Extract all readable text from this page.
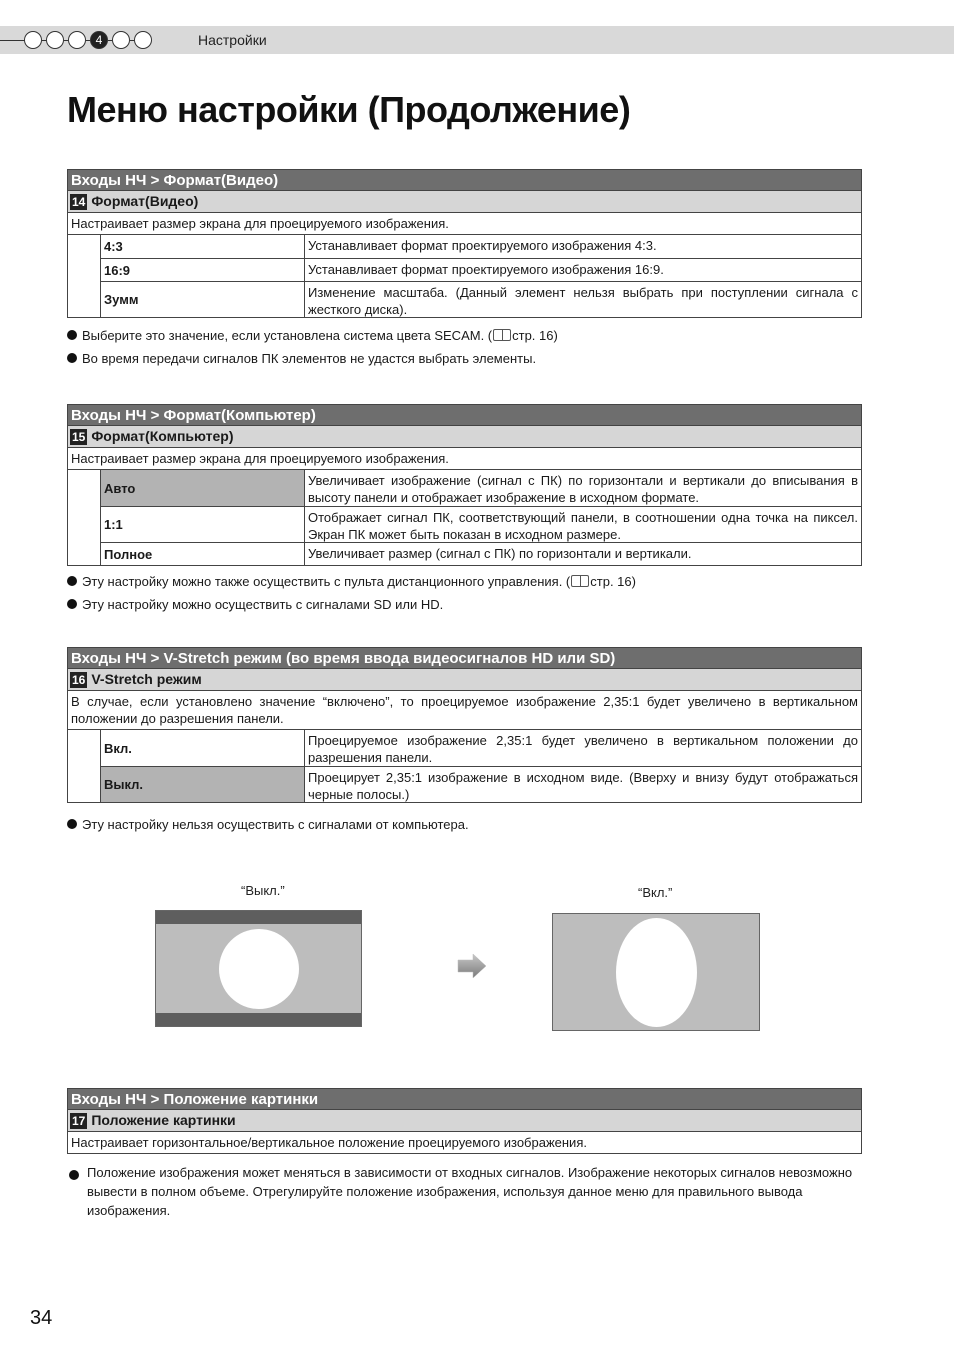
4	Настройки
Меню настройки (Продолжение)
Входы НЧ > Формат(Видео)
14 Формат(Видео)
Настраивает размер экрана для проецируемого изображения.
4:3	Устанавливает формат проектируемого изображения 4:3.
16:9	Устанавливает формат проектируемого изображения 16:9.
Зумм	Изменение масштаба. (Данный элемент нельзя выбрать при поступлении сигнала с жесткого диска).
Выберите это значение, если установлена система цвета SECAM. ( стр. 16)
Во время передачи сигналов ПК элементов не удастся выбрать элементы.
Входы НЧ > Формат(Компьютер)
15 Формат(Компьютер)
Настраивает размер экрана для проецируемого изображения.
Авто	Увеличивает изображение (сигнал с ПК) по горизонтали и вертикали до вписывания в высоту панели и отображает изображение в исходном формате.
1:1	Отображает сигнал ПК, соответствующий панели, в соотношении одна точка на пиксел. Экран ПК может быть показан в исходном размере.
Полное	Увеличивает размер (сигнал с ПК) по горизонтали и вертикали.
Эту настройку можно также осуществить с пульта дистанционного управления. ( стр. 16)
Эту настройку можно осуществить с сигналами SD или HD.
Входы НЧ > V-Stretch режим (во время ввода видеосигналов HD или SD)
16 V-Stretch режим
В случае, если установлено значение “включено”, то проецируемое изображение 2,35:1 будет увеличено в вертикальном положении до разрешения панели.
Вкл.	Проецируемое изображение 2,35:1 будет увеличено в вертикальном положении до разрешения панели.
Выкл.	Проецирует 2,35:1 изображение в исходном виде. (Вверху и внизу будут отображаться черные полосы.)
Эту настройку нельзя осуществить с сигналами от компьютера.
“Выкл.”	“Вкл.”
Входы НЧ > Положение картинки
17 Положение картинки
Настраивает горизонтальное/вертикальное положение проецируемого изображения.
Положение изображения может меняться в зависимости от входных сигналов. Изображение некоторых сигналов невозможно вывести в полном объеме. Отрегулируйте положение изображения, используя данное меню для правильного вывода изображения.
34
